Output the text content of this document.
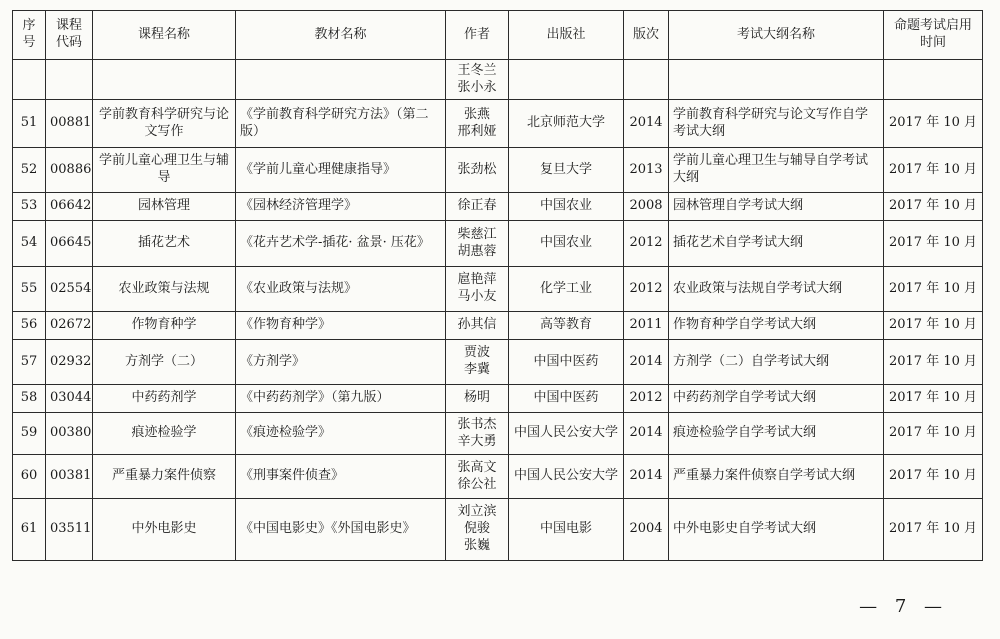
序号	课程代码	课程名称	教材名称	作者	出版社	版次	考试大纲名称	命题考试启用时间

				王冬兰
张小永				

51	00881	学前教育科学研究与论文写作	《学前教育科学研究方法》（第二版）	张燕
邢利娅	北京师范大学	2014	学前教育科学研究与论文写作自学考试大纲	2017 年 10 月
52	00886	学前儿童心理卫生与辅导	《学前儿童心理健康指导》	张劲松	复旦大学	2013	学前儿童心理卫生与辅导自学考试大纲	2017 年 10 月
53	06642	园林管理	《园林经济管理学》	徐正春	中国农业	2008	园林管理自学考试大纲	2017 年 10 月
54	06645	插花艺术	《花卉艺术学-插花· 盆景· 压花》	柴慈江
胡惠蓉	中国农业	2012	插花艺术自学考试大纲	2017 年 10 月
55	02554	农业政策与法规	《农业政策与法规》	扈艳萍
马小友	化学工业	2012	农业政策与法规自学考试大纲	2017 年 10 月
56	02672	作物育种学	《作物育种学》	孙其信	高等教育	2011	作物育种学自学考试大纲	2017 年 10 月
57	02932	方剂学（二）	《方剂学》	贾波
李冀	中国中医药	2014	方剂学（二）自学考试大纲	2017 年 10 月
58	03044	中药药剂学	《中药药剂学》（第九版）	杨明	中国中医药	2012	中药药剂学自学考试大纲	2017 年 10 月
59	00380	痕迹检验学	《痕迹检验学》	张书杰
辛大勇	中国人民公安大学	2014	痕迹检验学自学考试大纲	2017 年 10 月
60	00381	严重暴力案件侦察	《刑事案件侦查》	张高文
徐公社	中国人民公安大学	2014	严重暴力案件侦察自学考试大纲	2017 年 10 月
61	03511	中外电影史	《中国电影史》《外国电影史》	刘立滨
倪骏
张巍	中国电影	2004	中外电影史自学考试大纲	2017 年 10 月
— 7 —
